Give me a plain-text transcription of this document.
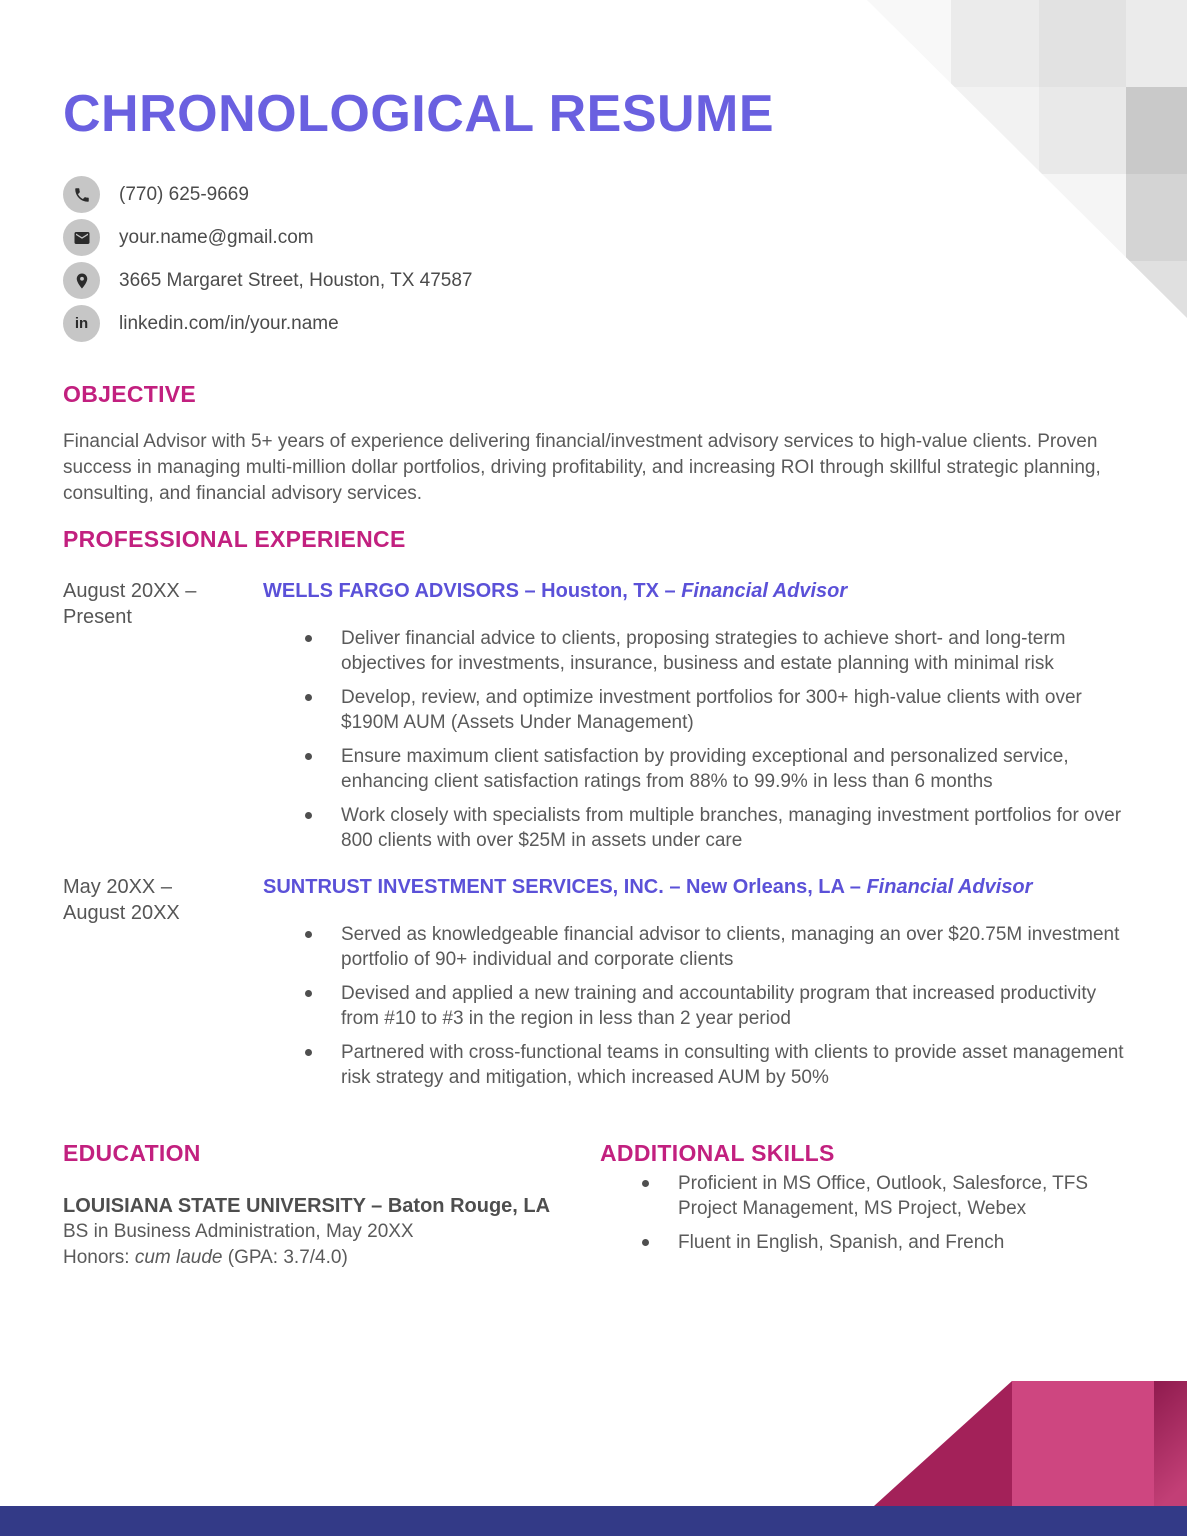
CHRONOLOGICAL RESUME
(770) 625-9669
your.name@gmail.com
3665 Margaret Street, Houston, TX 47587
in linkedin.com/in/your.name
OBJECTIVE
Financial Advisor with 5+ years of experience delivering financial/investment advisory services to high-value clients. Proven success in managing multi-million dollar portfolios, driving profitability, and increasing ROI through skillful strategic planning, consulting, and financial advisory services.
PROFESSIONAL EXPERIENCE
August 20XX –
Present
WELLS FARGO ADVISORS – Houston, TX – Financial Advisor
Deliver financial advice to clients, proposing strategies to achieve short- and long-term objectives for investments, insurance, business and estate planning with minimal risk
Develop, review, and optimize investment portfolios for 300+ high-value clients with over $190M AUM (Assets Under Management)
Ensure maximum client satisfaction by providing exceptional and personalized service, enhancing client satisfaction ratings from 88% to 99.9% in less than 6 months
Work closely with specialists from multiple branches, managing investment portfolios for over 800 clients with over $25M in assets under care
May 20XX –
August 20XX
SUNTRUST INVESTMENT SERVICES, INC. – New Orleans, LA – Financial Advisor
Served as knowledgeable financial advisor to clients, managing an over $20.75M investment portfolio of 90+ individual and corporate clients
Devised and applied a new training and accountability program that increased productivity from #10 to #3 in the region in less than 2 year period
Partnered with cross-functional teams in consulting with clients to provide asset management risk strategy and mitigation, which increased AUM by 50%
EDUCATION
LOUISIANA STATE UNIVERSITY – Baton Rouge, LA
BS in Business Administration, May 20XX
Honors: cum laude (GPA: 3.7/4.0)
ADDITIONAL SKILLS
Proficient in MS Office, Outlook, Salesforce, TFS Project Management, MS Project, Webex
Fluent in English, Spanish, and French
